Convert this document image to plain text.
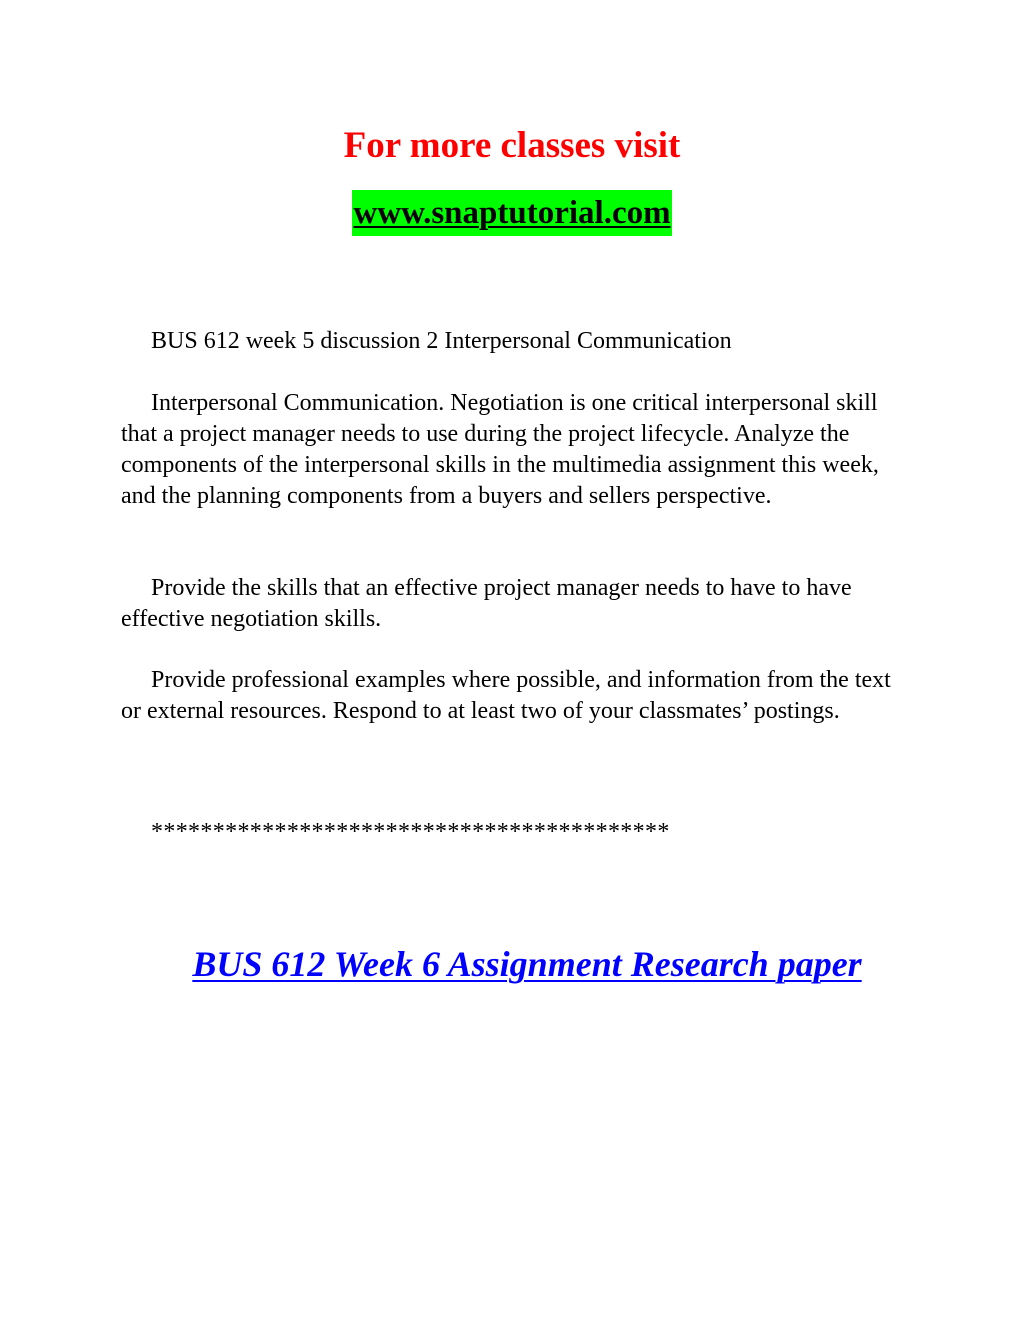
For more classes visit
www.snaptutorial.com
BUS 612 week 5 discussion 2 Interpersonal Communication
Interpersonal Communication. Negotiation is one critical interpersonal skill that a project manager needs to use during the project lifecycle. Analyze the components of the interpersonal skills in the multimedia assignment this week, and the planning components from a buyers and sellers perspective.
Provide the skills that an effective project manager needs to have to have effective negotiation skills.
Provide professional examples where possible, and information from the text or external resources. Respond to at least two of your classmates’ postings.
******************************************
BUS 612 Week 6 Assignment Research paper
